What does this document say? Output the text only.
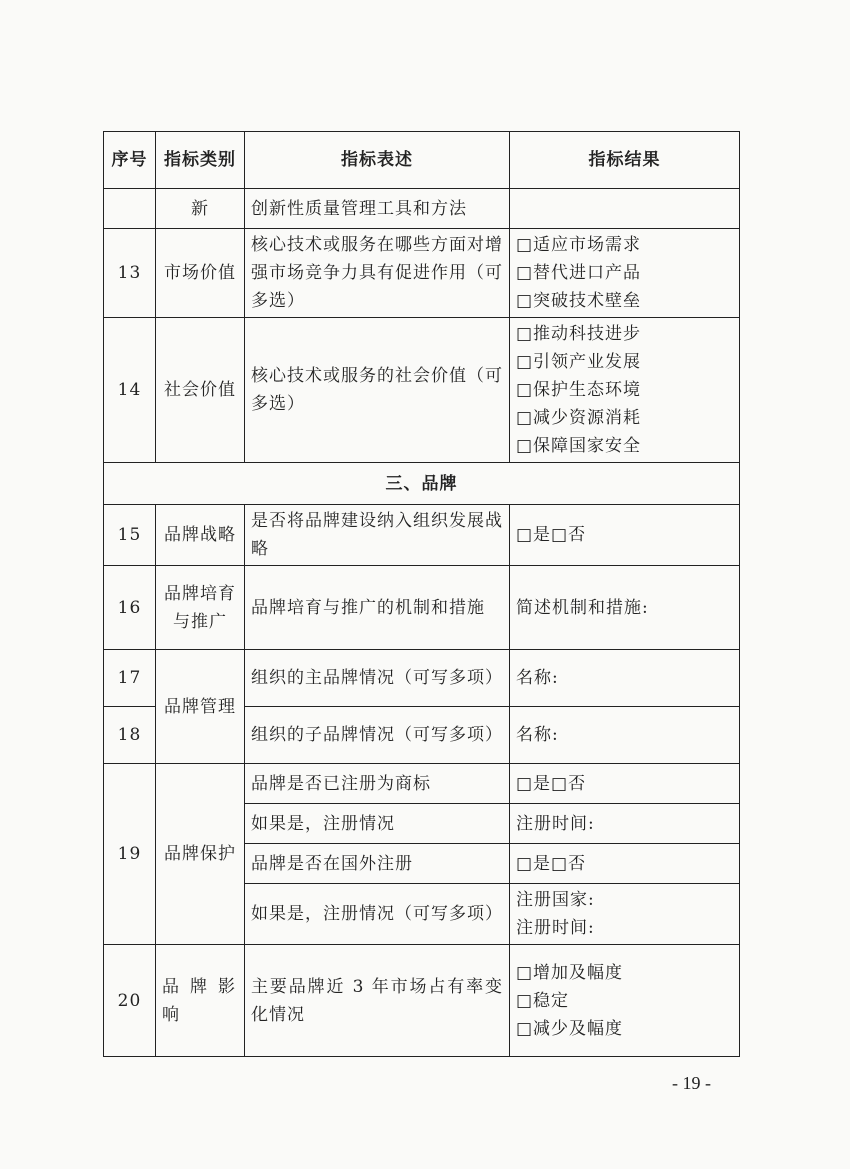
序号	指标类别	指标表述	指标结果
	新	创新性质量管理工具和方法	
13	市场价值	核心技术或服务在哪些方面对增强市场竞争力具有促进作用（可多选）	□适应市场需求
□替代进口产品
□突破技术壁垒

14	社会价值	核心技术或服务的社会价值（可多选）	□推动科技进步
□引领产业发展
□保护生态环境
□减少资源消耗
□保障国家安全

三、品牌			
15	品牌战略	是否将品牌建设纳入组织发展战略	□是□否
16	品牌培育与推广	品牌培育与推广的机制和措施	简述机制和措施:
17	品牌管理	组织的主品牌情况（可写多项）	名称:
18		组织的子品牌情况（可写多项）	名称:
19	品牌保护	品牌是否已注册为商标	□是□否
		如果是，注册情况	注册时间:
		品牌是否在国外注册	□是□否
		如果是，注册情况（可写多项）	注册国家:
注册时间:

20	品牌影响	主要品牌近 3 年市场占有率变化情况	□增加及幅度
□稳定
□减少及幅度
- 19 -
